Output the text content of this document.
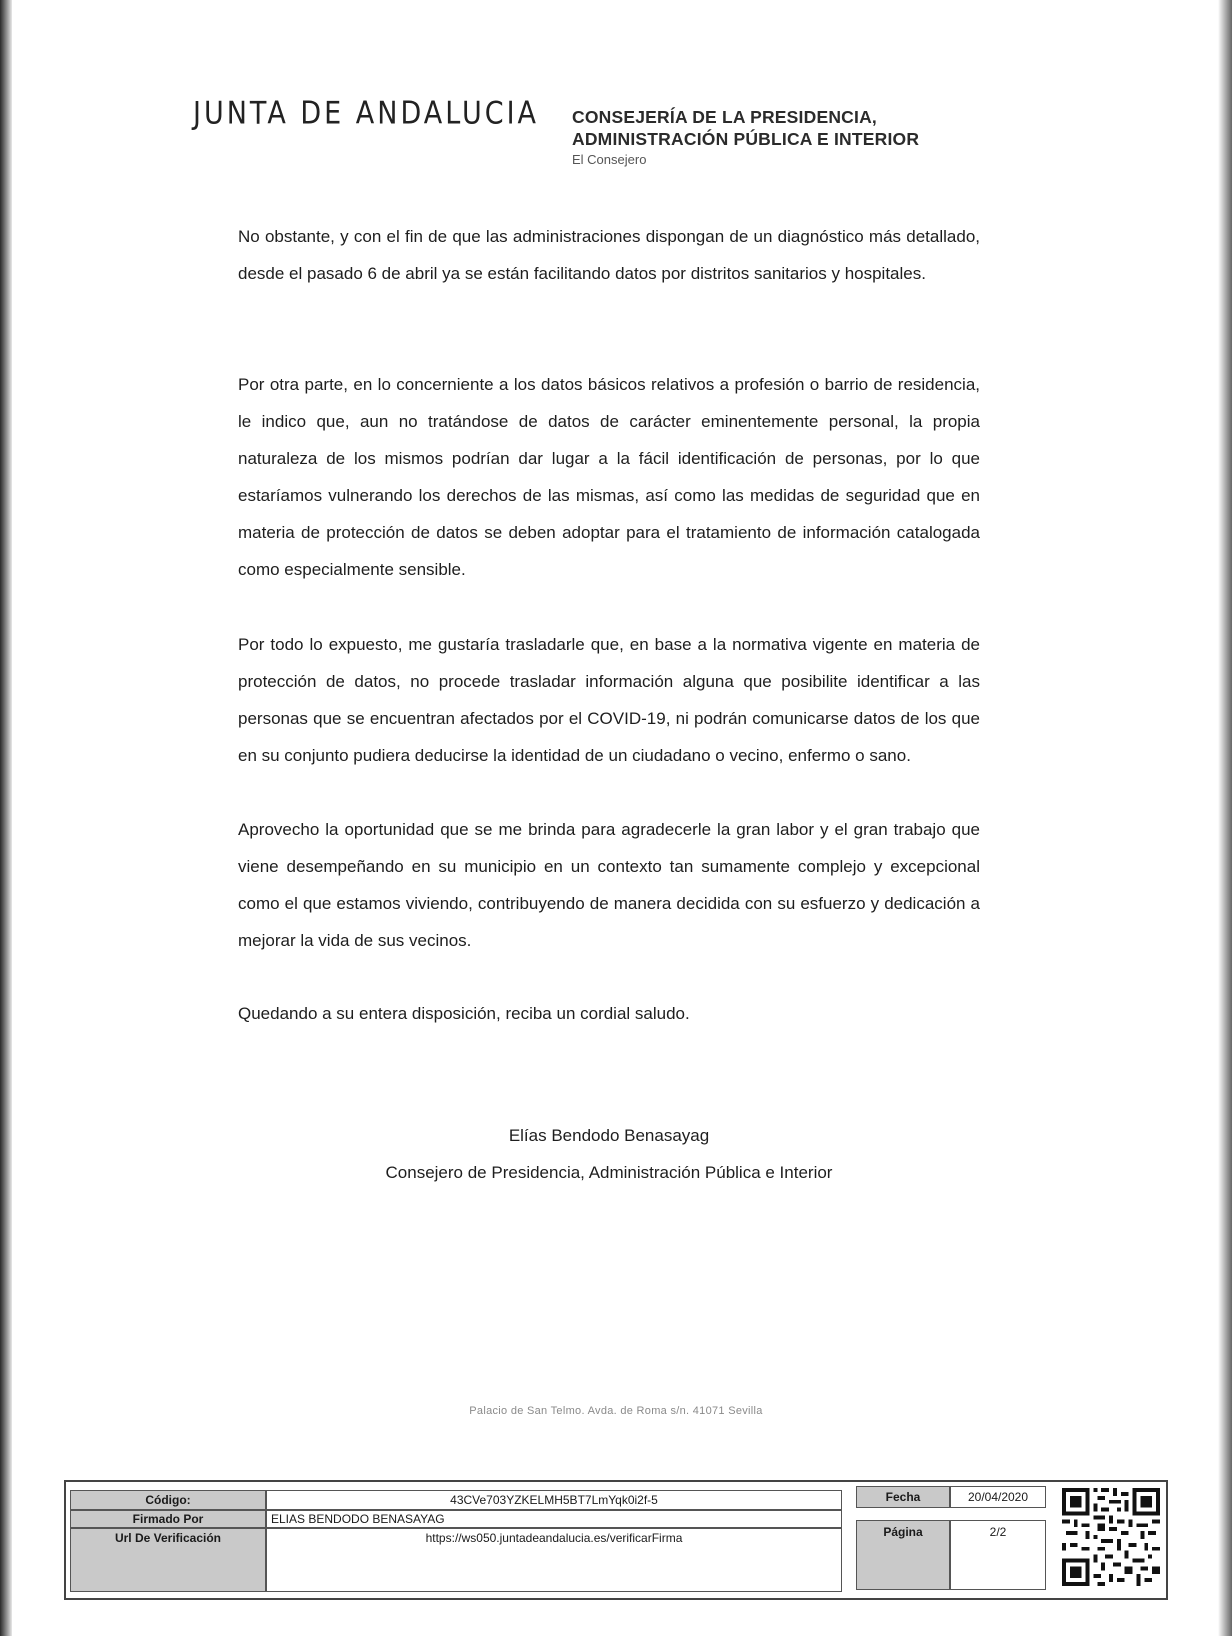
JUNTA DE ANDALUCIA CONSEJERÍA DE LA PRESIDENCIA,
ADMINISTRACIÓN PÚBLICA E INTERIOR
El Consejero
No obstante, y con el fin de que las administraciones dispongan de un diagnóstico más detallado, desde el pasado 6 de abril ya se están facilitando datos por distritos sanitarios y hospitales.
Por otra parte, en lo concerniente a los datos básicos relativos a profesión o barrio de residencia, le indico que, aun no tratándose de datos de carácter eminentemente personal, la propia naturaleza de los mismos podrían dar lugar a la fácil identificación de personas, por lo que estaríamos vulnerando los derechos de las mismas, así como las medidas de seguridad que en materia de protección de datos se deben adoptar para el tratamiento de información catalogada como especialmente sensible.
Por todo lo expuesto, me gustaría trasladarle que, en base a la normativa vigente en materia de protección de datos, no procede trasladar información alguna que posibilite identificar a las personas que se encuentran afectados por el COVID-19, ni podrán comunicarse datos de los que en su conjunto pudiera deducirse la identidad de un ciudadano o vecino, enfermo o sano.
Aprovecho la oportunidad que se me brinda para agradecerle la gran labor y el gran trabajo que viene desempeñando en su municipio en un contexto tan sumamente complejo y excepcional como el que estamos viviendo, contribuyendo de manera decidida con su esfuerzo y dedicación a mejorar la vida de sus vecinos.
Quedando a su entera disposición, reciba un cordial saludo.
Elías Bendodo Benasayag
Consejero de Presidencia, Administración Pública e Interior
Palacio de San Telmo. Avda. de Roma s/n. 41071 Sevilla
Código:	43CVe703YZKELMH5BT7LmYqk0i2f-5	Fecha	20/04/2020
Firmado Por	ELIAS BENDODO BENASAYAG
Url De Verificación	https://ws050.juntadeandalucia.es/verificarFirma	Página	2/2
